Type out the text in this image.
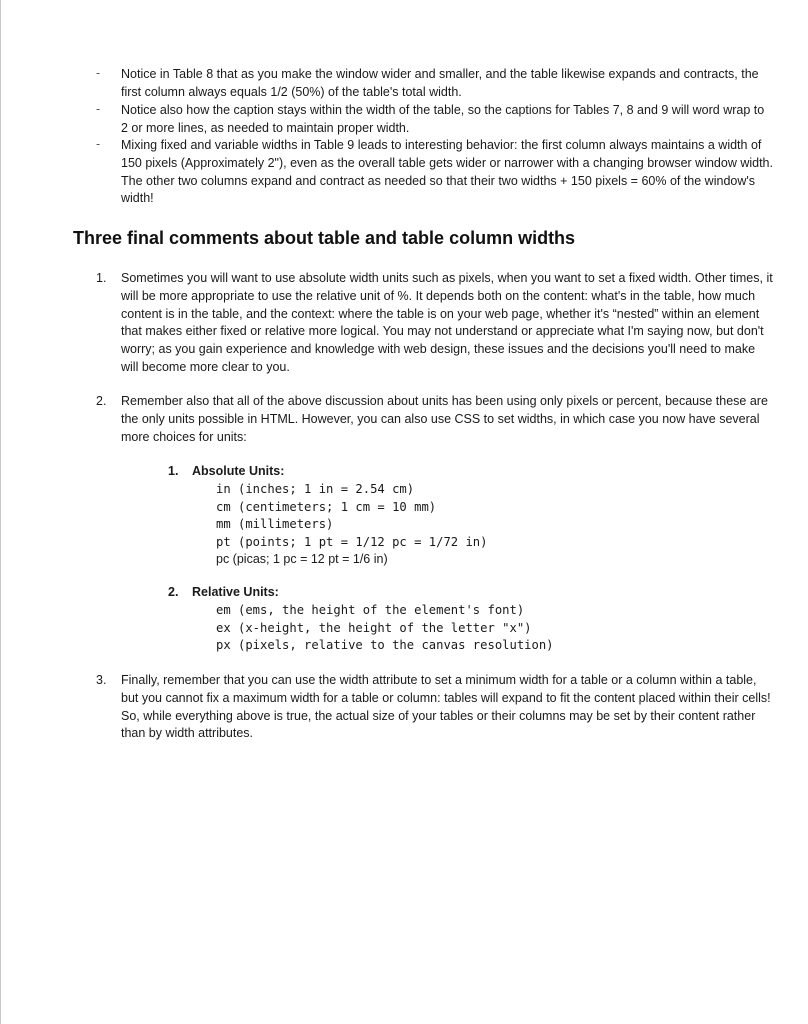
- Notice in Table 8 that as you make the window wider and smaller, and the table likewise expands and contracts, the first column always equals 1/2 (50%) of the table's total width.
- Notice also how the caption stays within the width of the table, so the captions for Tables 7, 8 and 9 will word wrap to 2 or more lines, as needed to maintain proper width.
- Mixing fixed and variable widths in Table 9 leads to interesting behavior: the first column always maintains a width of 150 pixels (Approximately 2"), even as the overall table gets wider or narrower with a changing browser window width. The other two columns expand and contract as needed so that their two widths + 150 pixels = 60% of the window's width!
Three final comments about table and table column widths
1. Sometimes you will want to use absolute width units such as pixels, when you want to set a fixed width. Other times, it will be more appropriate to use the relative unit of %. It depends both on the content: what's in the table, how much content is in the table, and the context: where the table is on your web page, whether it's “nested” within an element that makes either fixed or relative more logical. You may not understand or appreciate what I'm saying now, but don't worry; as you gain experience and knowledge with web design, these issues and the decisions you'll need to make will become more clear to you.
2. Remember also that all of the above discussion about units has been using only pixels or percent, because these are the only units possible in HTML. However, you can also use CSS to set widths, in which case you now have several more choices for units:
1. Absolute Units:
in (inches; 1 in = 2.54 cm)
cm (centimeters; 1 cm = 10 mm)
mm (millimeters)
pt (points; 1 pt = 1/12 pc = 1/72 in)
pc (picas; 1 pc = 12 pt = 1/6 in)
2. Relative Units:
em (ems, the height of the element's font)
ex (x-height, the height of the letter "x")
px (pixels, relative to the canvas resolution)
3. Finally, remember that you can use the width attribute to set a minimum width for a table or a column within a table, but you cannot fix a maximum width for a table or column: tables will expand to fit the content placed within their cells! So, while everything above is true, the actual size of your tables or their columns may be set by their content rather than by width attributes.
